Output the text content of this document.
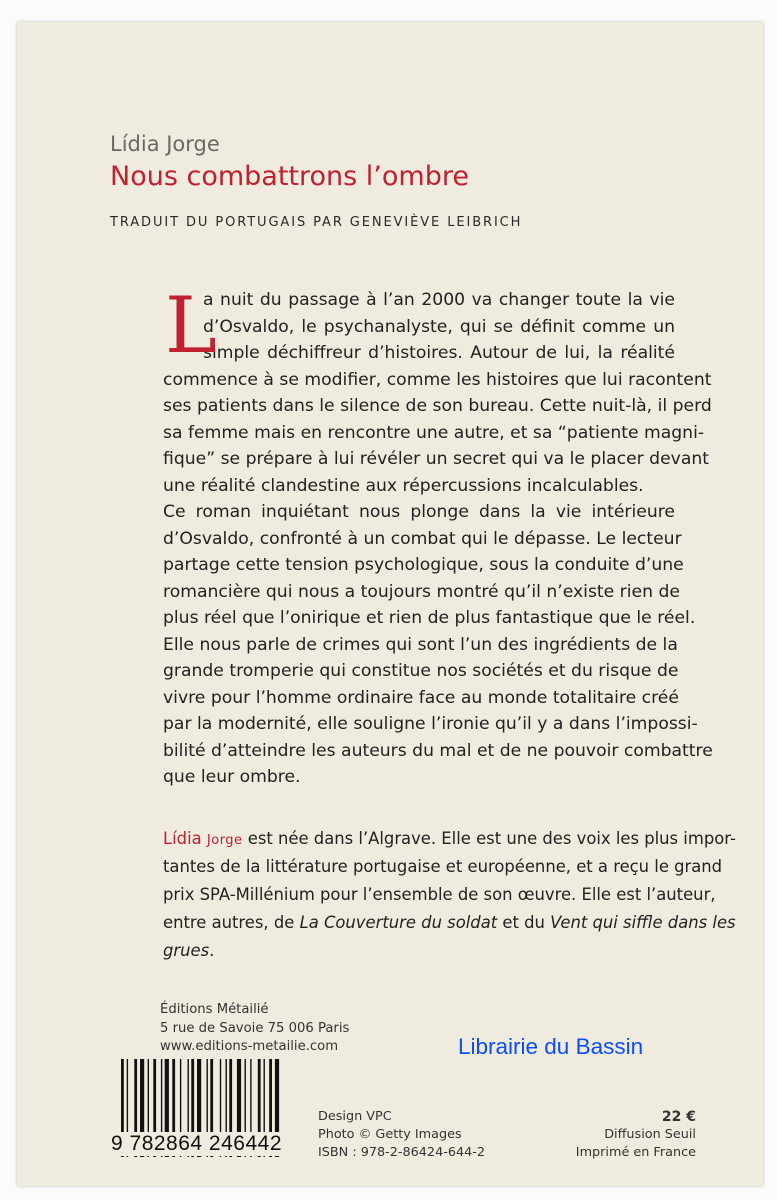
Lídia Jorge
Nous combattrons l’ombre
TRADUIT DU PORTUGAIS PAR GENEVIÈVE LEIBRICH
L
a nuit du passage à l’an 2000 va changer toute la vie
d’Osvaldo, le psychanalyste, qui se définit comme un
simple déchiffreur d’histoires. Autour de lui, la réalité
commence à se modifier, comme les histoires que lui racontent
ses patients dans le silence de son bureau. Cette nuit-là, il perd
sa femme mais en rencontre une autre, et sa “patiente magni-
fique” se prépare à lui révéler un secret qui va le placer devant
une réalité clandestine aux répercussions incalculables.
Ce roman inquiétant nous plonge dans la vie intérieure
d’Osvaldo, confronté à un combat qui le dépasse. Le lecteur
partage cette tension psychologique, sous la conduite d’une
romancière qui nous a toujours montré qu’il n’existe rien de
plus réel que l’onirique et rien de plus fantastique que le réel.
Elle nous parle de crimes qui sont l’un des ingrédients de la
grande tromperie qui constitue nos sociétés et du risque de
vivre pour l’homme ordinaire face au monde totalitaire créé
par la modernité, elle souligne l’ironie qu’il y a dans l’impossi-
bilité d’atteindre les auteurs du mal et de ne pouvoir combattre
que leur ombre.
Lídia Jorge est née dans l’Algrave. Elle est une des voix les plus impor-
tantes de la littérature portugaise et européenne, et a reçu le grand
prix SPA-Millénium pour l’ensemble de son œuvre. Elle est l’auteur,
entre autres, de La Couverture du soldat et du Vent qui siffle dans les
grues.
Éditions Métailié
5 rue de Savoie 75 006 Paris
www.editions-metailie.com	Librairie du Bassin
9 782864 246442
Design VPC
Photo © Getty Images
ISBN : 978-2-86424-644-2
22 €
Diffusion Seuil
Imprimé en France
